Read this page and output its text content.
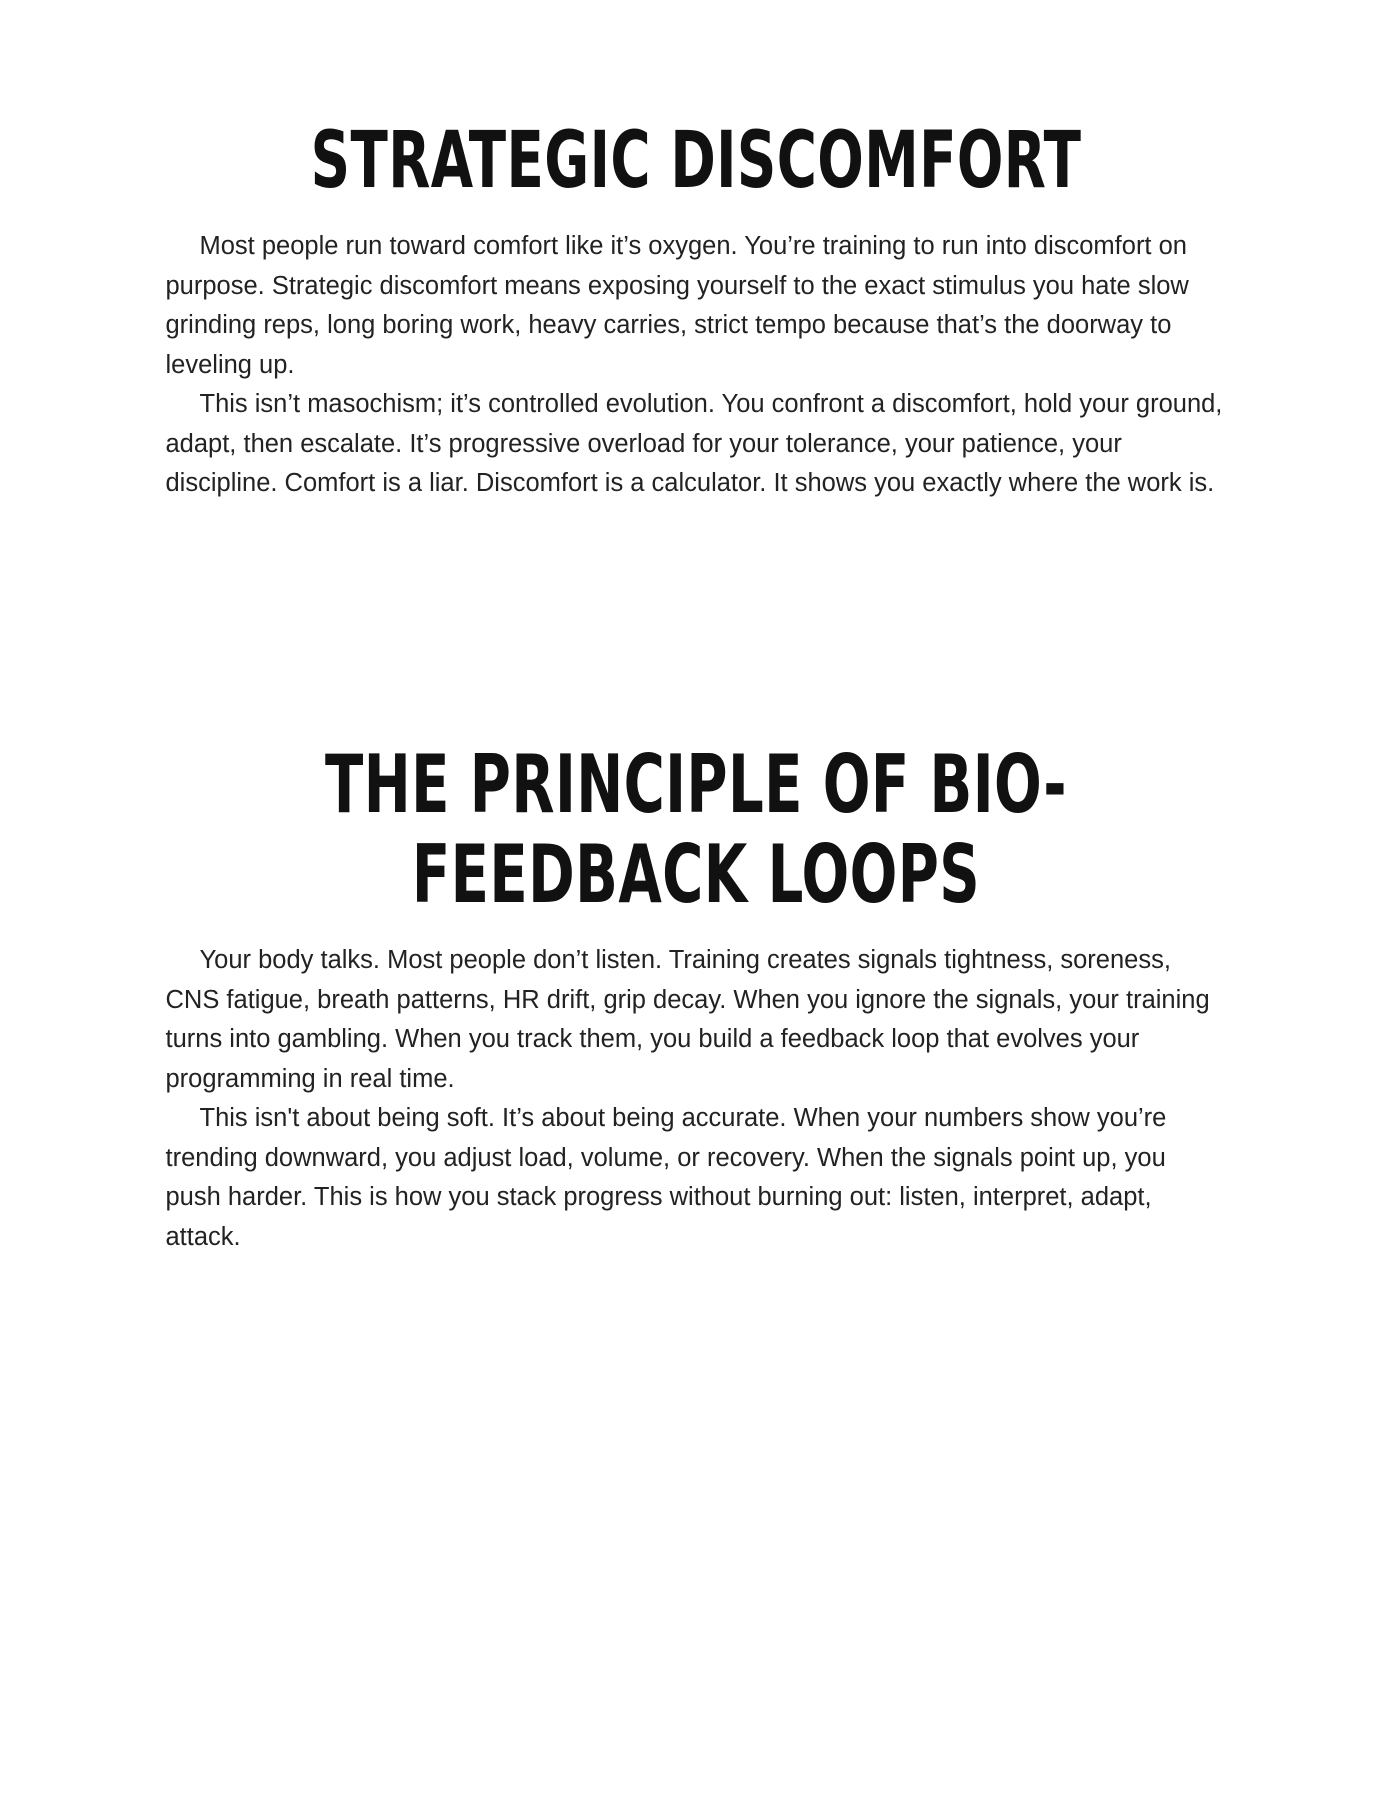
STRATEGIC DISCOMFORT

Most people run toward comfort like it’s oxygen. You’re training to run into discomfort on purpose. Strategic discomfort means exposing yourself to the exact stimulus you hate slow grinding reps, long boring work, heavy carries, strict tempo because that’s the doorway to leveling up.

This isn’t masochism; it’s controlled evolution. You confront a discomfort, hold your ground, adapt, then escalate. It’s progressive overload for your tolerance, your patience, your discipline. Comfort is a liar. Discomfort is a calculator. It shows you exactly where the work is.

THE PRINCIPLE OF BIO-FEEDBACK LOOPS

Your body talks. Most people don’t listen. Training creates signals tightness, soreness, CNS fatigue, breath patterns, HR drift, grip decay. When you ignore the signals, your training turns into gambling. When you track them, you build a feedback loop that evolves your programming in real time.

This isn't about being soft. It’s about being accurate. When your numbers show you’re trending downward, you adjust load, volume, or recovery. When the signals point up, you push harder. This is how you stack progress without burning out: listen, interpret, adapt, attack.
